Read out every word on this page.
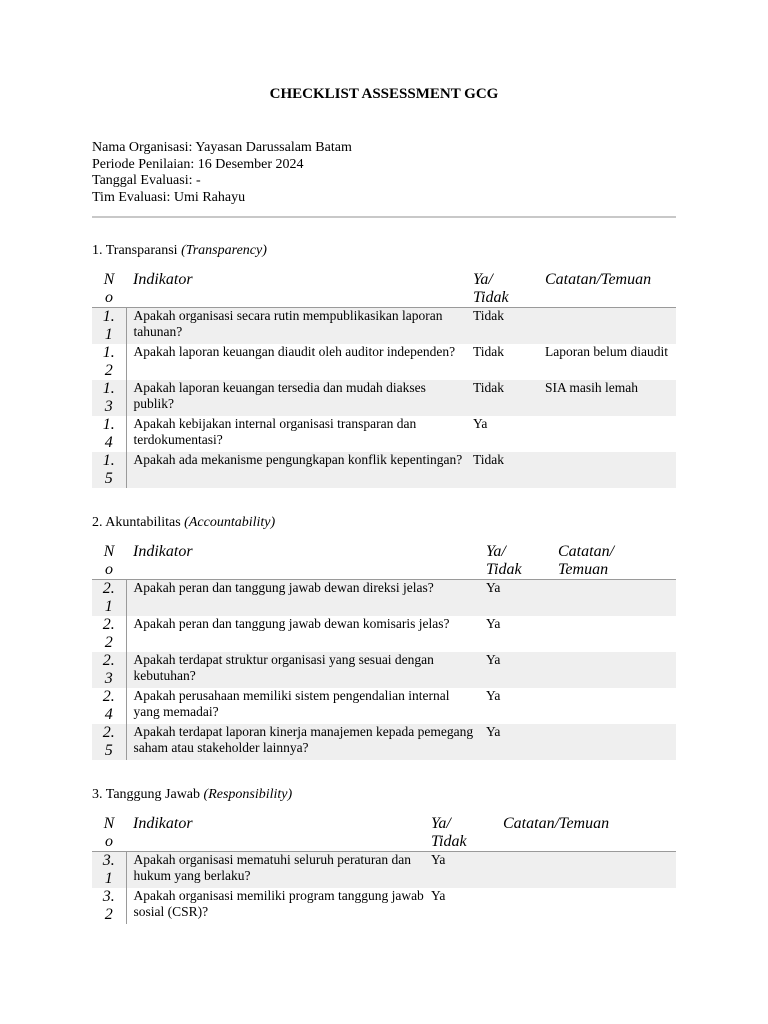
CHECKLIST ASSESSMENT GCG
Nama Organisasi: Yayasan Darussalam Batam
Periode Penilaian: 16 Desember 2024
Tanggal Evaluasi: -
Tim Evaluasi: Umi Rahayu
1. Transparansi (Transparency)
No	Indikator	Ya/ Tidak	Catatan/Temuan
1.1	Apakah organisasi secara rutin mempublikasikan laporan tahunan?	Tidak	
1.2	Apakah laporan keuangan diaudit oleh auditor independen?	Tidak	Laporan belum diaudit
1.3	Apakah laporan keuangan tersedia dan mudah diakses publik?	Tidak	SIA masih lemah
1.4	Apakah kebijakan internal organisasi transparan dan terdokumentasi?	Ya	
1.5	Apakah ada mekanisme pengungkapan konflik kepentingan?	Tidak	
2. Akuntabilitas (Accountability)
No	Indikator	Ya/ Tidak	Catatan/ Temuan
2.1	Apakah peran dan tanggung jawab dewan direksi jelas?	Ya	
2.2	Apakah peran dan tanggung jawab dewan komisaris jelas?	Ya	
2.3	Apakah terdapat struktur organisasi yang sesuai dengan kebutuhan?	Ya	
2.4	Apakah perusahaan memiliki sistem pengendalian internal yang memadai?	Ya	
2.5	Apakah terdapat laporan kinerja manajemen kepada pemegang saham atau stakeholder lainnya?	Ya	
3. Tanggung Jawab (Responsibility)
No	Indikator	Ya/ Tidak	Catatan/Temuan
3.1	Apakah organisasi mematuhi seluruh peraturan dan hukum yang berlaku?	Ya	
3.2	Apakah organisasi memiliki program tanggung jawab sosial (CSR)?	Ya	
